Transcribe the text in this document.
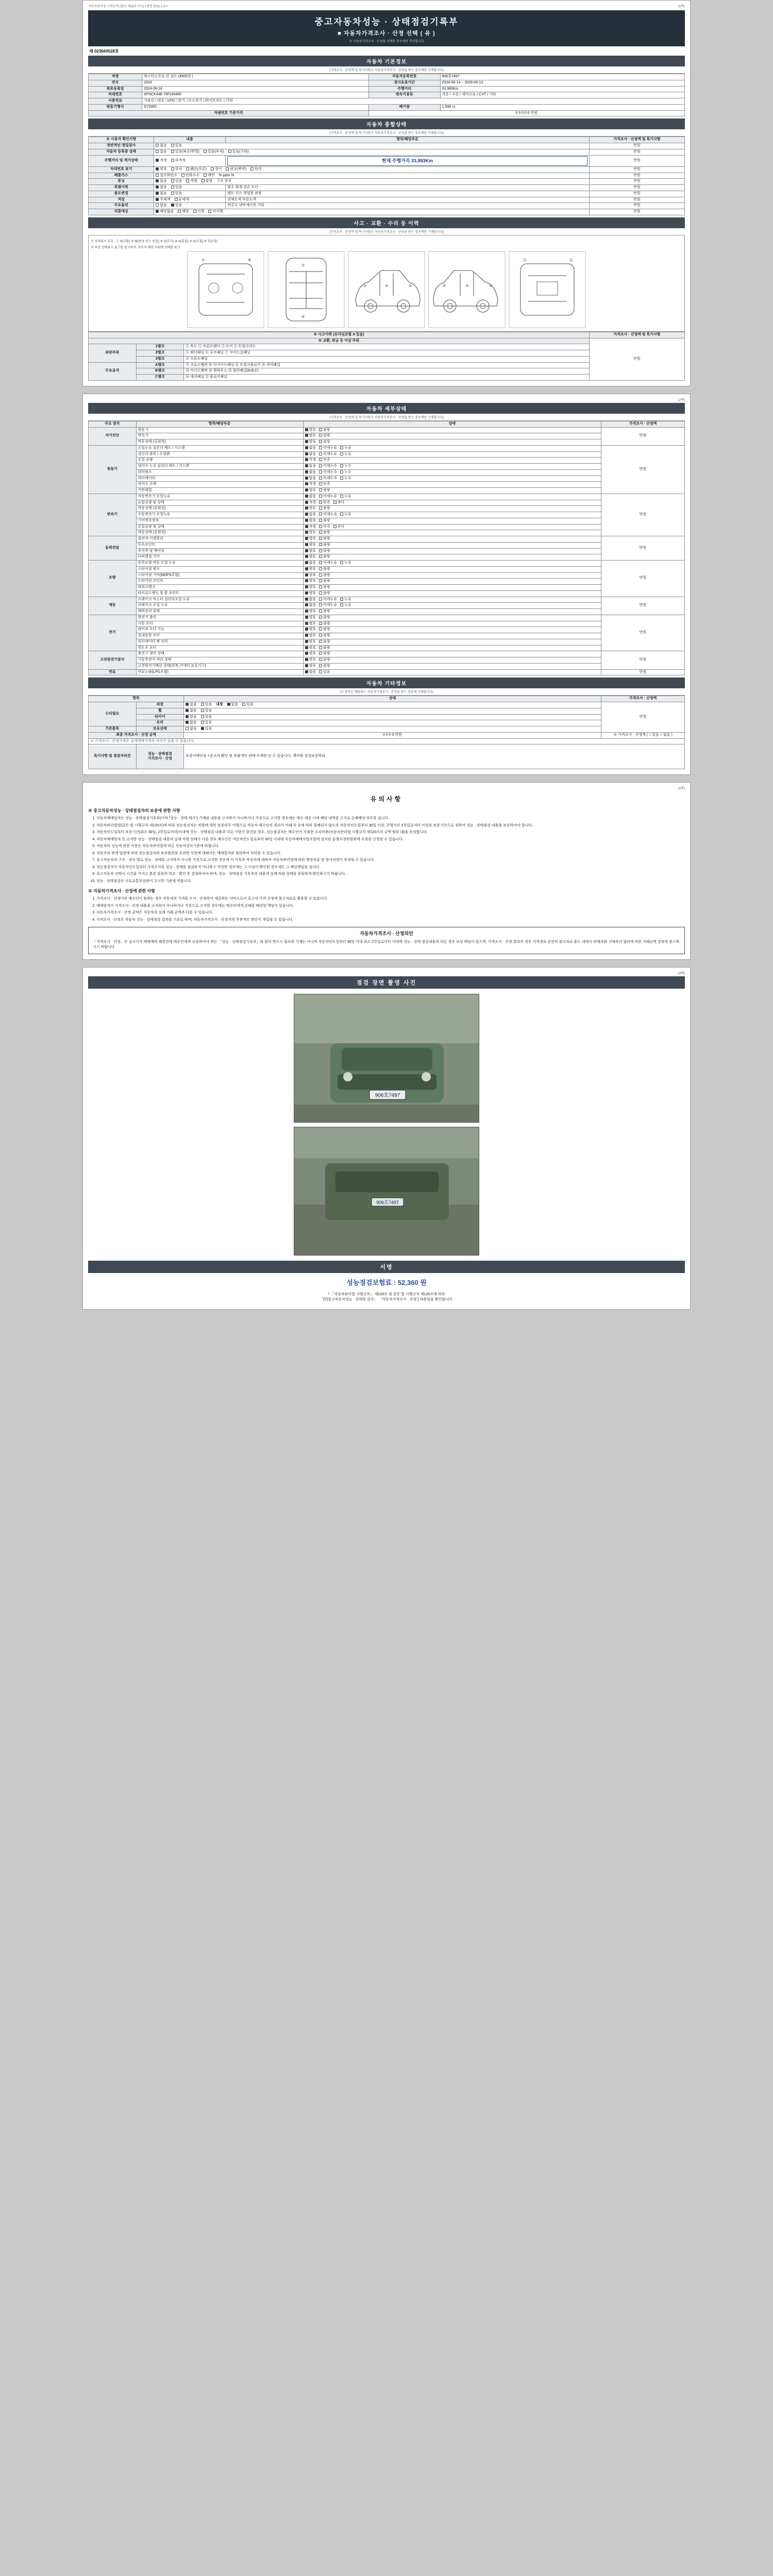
자동차관리법 시행규칙 [별지 제18호서식] <개정 2021.1.5.>	(1쪽)
중고자동차성능 · 상태점검기록부
■ 자동차가격조사 · 산정 선택 ( 유 )
※ 자동차가격조사 · 산정을 선택한 경우에만 작성합니다
제 023660528호
자동차 기본정보
(가격조사 · 산정액 및 특기사항은 자동차가격조사 · 산정을 받는 경우에만 기재합니다)
차명	락스터스오토 런 골드 (4WD알 )	자동차등록번호	906호7497
연식	2024	검사유효기간	2024-06-14 ~ 2026-06-13
최초등록일	2024-06-14	주행거리	33,983Km
차대번호	KFNCK44E YIP230466	변속기종류	자동 / 수동 / 세미오토 / CVT / 기타
사용연료	가솔린 □경유 □LPG □전기 □수소전기 □하이브리드 □기타		
원동기형식	G72WD	배기량	1,598 cc
차량번호 기준가격		0 0 0 0 0 만원	
자동차 종합상태
(가격조사 · 산정액 및 특기사항은 자동차가격조사 · 산정을 받는 경우에만 기재합니다)
※ 사용자 확인사항	내용	항목/해당부분	가격조사 · 산정액 및 특기사항
전반적인 정밀검사	없음 있음		만원
자동차 등록증 상태	없음 있음(파손/변형) 있음(부식) 있음(기타)		만원
주행거리 및 계기상태	적정 부적정	현재 주행거리 33,983Km	만원
차대번호 표기	양호 부식 훼손(오손) 상이 변조(변작) 타각		만원
배출가스	일산화탄소 탄화수소 매연 % ppm %		만원
튜닝	없음 있음 적법 불법 구조 장치		만원
특별이력	없음 있음	침수 화재 전손 도난	만원
용도변경	없음 있음	렌트 리스 영업용 관용	만원
색상	무채색 유채색	전체도색 부분도색	만원
주요옵션	없음 있음	썬루프 내비게이션 기타	만원
리콜대상	해당없음 해당 이행 미이행		만원
사고 · 교환 · 수리 등 이력
(가격조사 · 산정액 및 특기사항은 자동차가격조사 · 산정을 받는 경우에만 기재합니다)
※ 상태표시 부호 : ① X(교환) ② W(판금 또는 용접) ③ C(부식) ④ A(흠집) ⑤ U(요철) ⑥ T(손상)
※ 하단 상태표시 표기를 참고하여, 자동차 해당 부위에 상태를 표기
①	⑧
①
④
②	③	⑤	②
③
⑤
⑫	⑪
※ 사고이력 (유/무)(보험 A 있음)			가격조사 · 산정액 및 특기사항
※ 교환, 판금 등 이상 부위			만원
외판부위	1랭크	① 후드 ② 프론트펜더 ③ 도어 ④ 트렁크리드	
	2랭크	⑤ 쿼터패널 ⑥ 루프패널 ⑦ 사이드실패널	
	3랭크	⑧ 프론트패널	
주요골격	A랭크	⑨ 크로스멤버 ⑩ 인사이드패널 ⑪ 트렁크플로어 ⑫ 리어패널	
	B랭크	⑬ 사이드멤버 ⑭ 휠하우스 ⑮ 필러패널(A,B,C)	
	C랭크	⑯ 대쉬패널 ⑰ 플로어패널	
(2쪽)
자동차 세부상태
(가격조사 · 산정액 및 특기사항은 자동차가격조사 · 산정을 받는 경우에만 기재합니다)
주요 장치	항목/해당부분	상태	가격조사 · 산정액
자기진단	원동기	양호 불량	만원
	변속기	양호 불량	
	작동상태 (공회전)	양호 불량	
원동기	오일누유 실린더 헤드 / 가스켓	없음 미세누유 누유	만원
	실린더 블록 / 오일팬	없음 미세누유 누유	
	오일 유량	적정 부족	
	냉각수 누수 실린더 헤드 / 가스켓	없음 미세누수 누수	
	워터펌프	없음 미세누수 누수	
	라디에이터	없음 미세누수 누수	
	냉각수 수량	적정 부족	
	커먼레일	양호 불량	
변속기	자동변속기 오일누유	없음 미세누유 누유	만원
	오일유량 및 상태	적정 부족 과다	
	작동상태 (공회전)	양호 불량	
	수동변속기 오일누유	없음 미세누유 누유	
	기어변속장치	양호 불량	
	오일유량 및 상태	적정 부족 과다	
	작동상태 (공회전)	양호 불량	
동력전달	클러치 어셈블리	양호 불량	만원
	등속조인트	양호 불량	
	추진축 및 베어링	양호 불량	
	디퍼렌셜 기어	양호 불량	
조향	동력조향 작동 오일 누유	없음 미세누유 누유	만원
	스티어링 펌프	양호 불량	
	스티어링 기어(MDPS포함)	양호 불량	
	스티어링 조인트	양호 불량	
	파워크랭크	양호 불량	
	타이로드엔드 및 볼 조인트	양호 불량	
제동	브레이크 마스터 실린더오일 누유	없음 미세누유 누유	만원
	브레이크 오일 누유	없음 미세누유 누유	
	배력장치 상태	양호 불량	
전기	발전기 출력	양호 불량	만원
	시동 모터	양호 불량	
	와이퍼 모터 기능	양호 불량	
	실내송풍 모터	양호 불량	
	라디에이터 팬 모터	양호 불량	
	윈도우 모터	양호 불량	
고전원전기장치	충전구 절연 상태	양호 불량	만원
	구동축전지 격리 상태	양호 불량	
	고전원전기배선 상태(피복,커넥터,보호기구)	양호 불량	
연료	연료누출(LPG포함)	없음 있음	만원
자동차 기타정보
(※ 항목은 해당하는 자동차가격조사 · 산정을 받는 경우에 기재합니다)
항목		상태	가격조사 · 산정액
수리필요	외장	없음 있음 내장 없음 있음	만원
	휠	없음 있음	
	타이어	없음 있음	
	유리	없음 있음	
기본품목	보유상태	없음 있음	
최종 가격조사 · 산정 금액		0 0 0 0 만원	※ 가격조사 · 산정액 ( □ 있음 □ 없음 )
※ 가격조사 · 산정가격은 실제매매가격과 차이가 있을 수 있습니다.			
특기사항 및 점검자의견	성능 · 상태점검
가격조사 · 산정	보증어메인을 <중고차 확인 및 부품개인 판매 도매한 된 수 있습니다. 책차량 검성보증하되.	
(3쪽)
유의사항
※ 중고자동차성능 · 상태점검자의 보증에 관한 사항
1. 자동차매매업자는 성능 · 상태점검기록부(이하 "성능 · 상태 체크") 기재된 내용을 고지하지 아니하거나 거짓으로 고지할 경우에는 매수 제공 시에 해당 내역을 근거로 손해배상 의무를 집니다.
2. 자동차관리법령(같은 법 시행규칙 제120조)에 따라 성능점검자는 차량에 대한 보증의무 이행으로 자동차 매수인의 권리가 아래 각 호에 따라 침해되지 않도록 자동차인도일부터 30일 이상, 주행거리 2천킬로미터 이상을 보증기간으로 정하여 성능 · 상태점검 내용을 보증하여야 합니다.
3. 자동차인도일부터 보증기간(최소 30일, 2천킬로미터)이내에 성능 · 상태점검 내용과 다른 사항이 발견된 경우, 성능점검자는 매수인이 지출한 수리비용(자동차관리법 시행규칙 제120조의 금액 범위 내)을 보상합니다.
4. 자동차매매업자 등 고지한 성능 · 상태점검 내용과 실제 차량 상태가 다를 경우 매수인은 자동차인도일로부터 30일 이내에 자동차매매사업조합에 설치된 분쟁조정위원회에 조정을 신청할 수 있습니다.
5. 자동차의 성능에 관한 사항은 자동차관리법에 따른 자동차검사기준에 따릅니다.
6. 자동차의 관계 법령에 따라 성능점검자의 보증범위를 초과한 사항에 대해서는 매매업자와 협의하여 처리할 수 있습니다.
7. 중고자동차의 구조 · 장치 별로 성능 · 상태를 고지하지 아니한 거짓으로 고지한 경우에 이 기록부 작성자에 대하여 자동차관리법에 따라 행정처분 및 형사처벌이 부과될 수 있습니다.
8. 성능점검자가 자동차인도일부터 가격조사를 성능 · 상태를 점검하지 아니하고 작성한 경우에는 그 사실이 확인된 경우에도 그 배상책임을 집니다.
9. 중고자동차 선택시 시간을 가지고 충분 꼼꼼히 비교 · 확인 후 결정하여야 하며, 성능 · 상태점검 기록부의 내용과 실제 차량 상태를 꼼꼼하게 확인하시기 바랍니다.
10. 성능 · 상태점검은 국토교통부장관이 고시한 기준에 따릅니다.
※ 자동차가격조사 · 산정에 관한 사항
1. 가격조사 · 산정이란 매수인이 원하는 경우 자동차의 가격을 조사 · 산정하여 제공하는 서비스로서 중고차 가격 산정에 참고자료로 활용할 수 있습니다.
2. 매매업자가 가격조사 · 산정 내용을 고지하지 아니하거나 거짓으로 고지한 경우에는 매수인에게 손해를 배상할 책임이 있습니다.
3. 자동차가격조사 · 산정 금액은 자동차의 실제 거래 금액과 다를 수 있습니다.
4. 가격조사 · 산정은 자동차 성능 · 상태점검 결과를 기초로 하며, 자동차가격조사 · 산정자의 주관적인 판단이 개입될 수 있습니다.
자동차가격조사 · 산정의안
「가격조사 · 산정」은 실시가가 매매계약 체결전에 매수인에게 교부하여야 하는 「성능 · 상태점검기록부」와 달리 반드시 필요한 기재는 아니며 자동차인도일부터 30일 이내 최소 2천킬로미터 이내에 성능 · 상태 점검내용과 다른 경우 보상 책임이 있으며, 가격조사 · 산정 결과의 경우 가격정보 본연의 참고자료 용도 내에서 판매자와 구매자간 협의에 의한 거래금액 결정에 참고하시기 바랍니다.
(4쪽)
점검 장면 촬영 사진
906호7497
906호7497
서명
성능점검보험료 : 52,360 원
* 「자동차관리법 시행규칙」 제120조 및 같은 법 시행규칙 제120조에 따라
「[Y]중고차동차성능 · 상태를 검사」 「자동차가격조사 · 산정 } 내용임을 확인합니다.
